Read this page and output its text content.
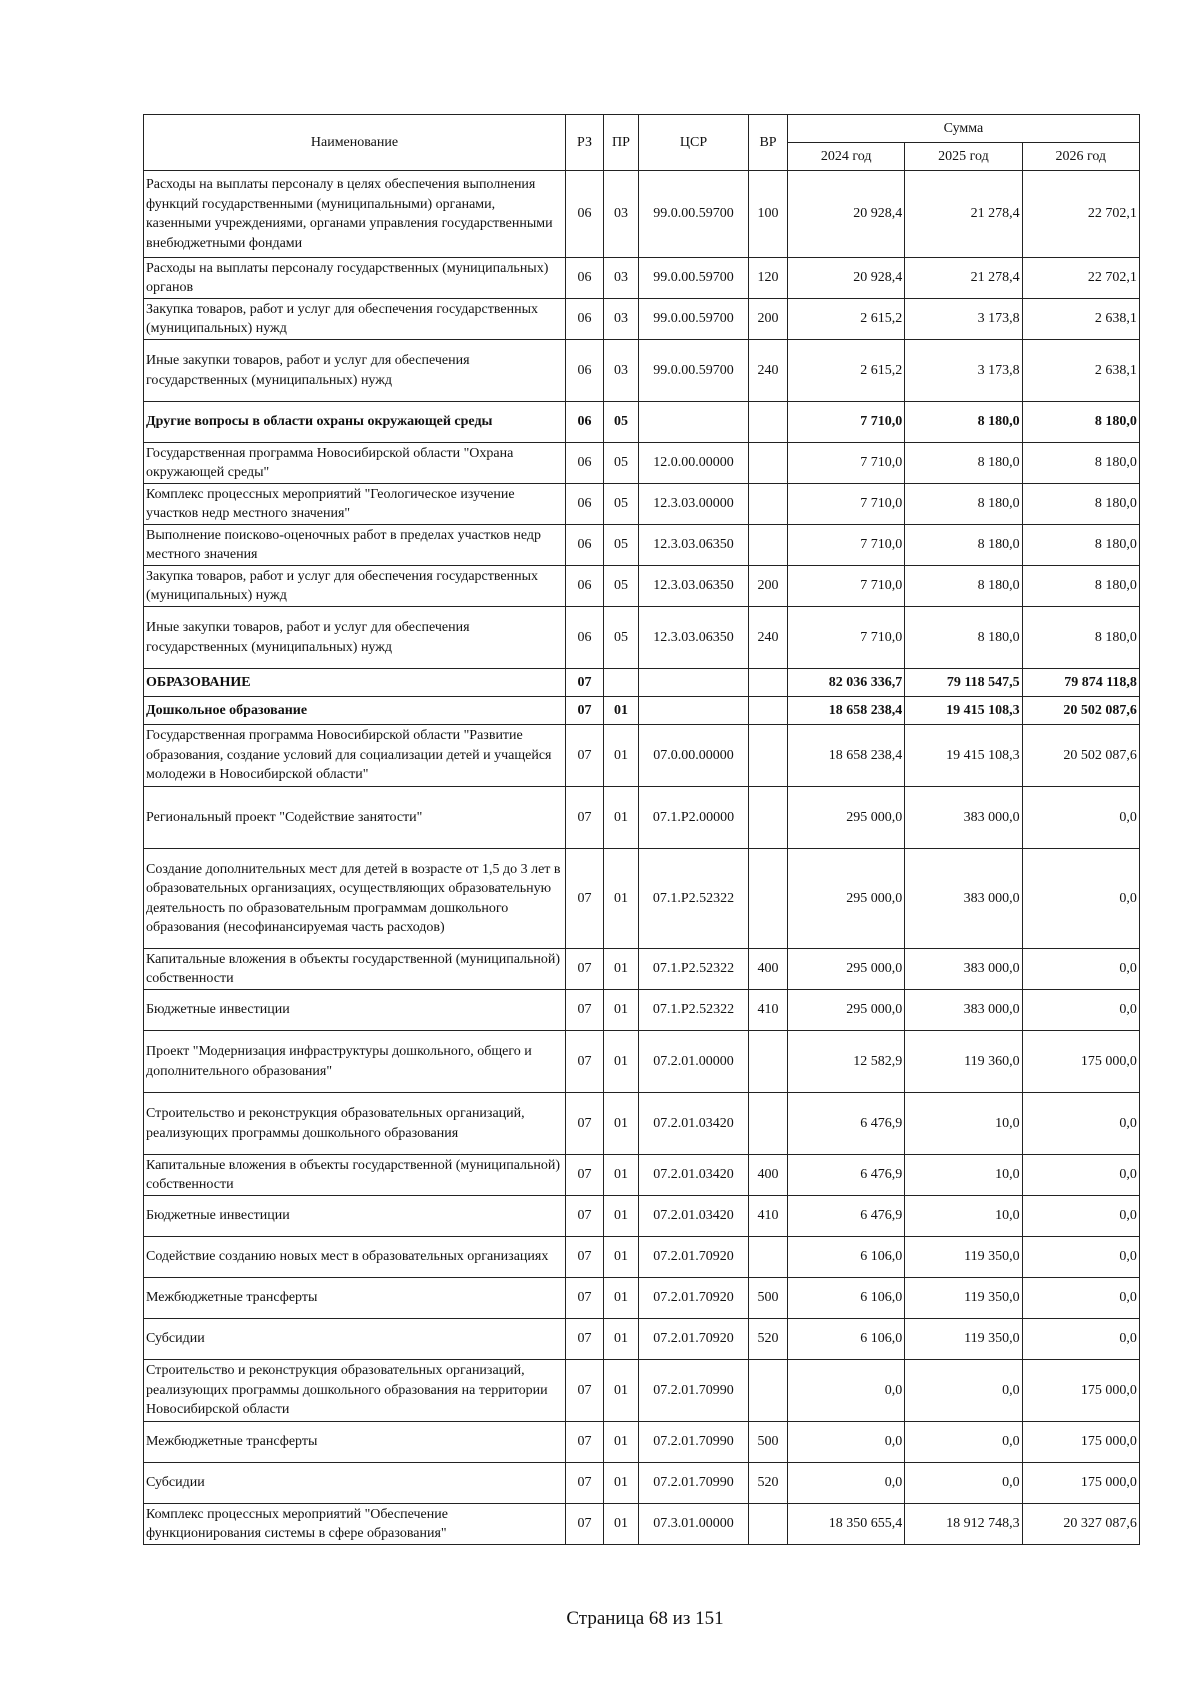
Наименование	РЗ	ПР	ЦСР	ВР	Сумма		
					2024 год	2025 год	2026 год
Расходы на выплаты персоналу в целях обеспечения выполнения функций государственными (муниципальными) органами, казенными учреждениями, органами управления государственными внебюджетными фондами	06	03	99.0.00.59700	100	20 928,4	21 278,4	22 702,1
Расходы на выплаты персоналу государственных (муниципальных) органов	06	03	99.0.00.59700	120	20 928,4	21 278,4	22 702,1
Закупка товаров, работ и услуг для обеспечения государственных (муниципальных) нужд	06	03	99.0.00.59700	200	2 615,2	3 173,8	2 638,1
Иные закупки товаров, работ и услуг для обеспечения государственных (муниципальных) нужд	06	03	99.0.00.59700	240	2 615,2	3 173,8	2 638,1
Другие вопросы в области охраны окружающей среды	06	05			7 710,0	8 180,0	8 180,0
Государственная программа Новосибирской области "Охрана окружающей среды"	06	05	12.0.00.00000		7 710,0	8 180,0	8 180,0
Комплекс процессных мероприятий "Геологическое изучение участков недр местного значения"	06	05	12.3.03.00000		7 710,0	8 180,0	8 180,0
Выполнение поисково-оценочных работ в пределах участков недр местного значения	06	05	12.3.03.06350		7 710,0	8 180,0	8 180,0
Закупка товаров, работ и услуг для обеспечения государственных (муниципальных) нужд	06	05	12.3.03.06350	200	7 710,0	8 180,0	8 180,0
Иные закупки товаров, работ и услуг для обеспечения государственных (муниципальных) нужд	06	05	12.3.03.06350	240	7 710,0	8 180,0	8 180,0
ОБРАЗОВАНИЕ	07				82 036 336,7	79 118 547,5	79 874 118,8
Дошкольное образование	07	01			18 658 238,4	19 415 108,3	20 502 087,6
Государственная программа Новосибирской области "Развитие образования, создание условий для социализации детей и учащейся молодежи в Новосибирской области"	07	01	07.0.00.00000		18 658 238,4	19 415 108,3	20 502 087,6
Региональный проект "Содействие занятости"	07	01	07.1.P2.00000		295 000,0	383 000,0	0,0
Создание дополнительных мест для детей в возрасте от 1,5 до 3 лет в образовательных организациях, осуществляющих образовательную деятельность по образовательным программам дошкольного образования (несофинансируемая часть расходов)	07	01	07.1.P2.52322		295 000,0	383 000,0	0,0
Капитальные вложения в объекты государственной (муниципальной) собственности	07	01	07.1.P2.52322	400	295 000,0	383 000,0	0,0
Бюджетные инвестиции	07	01	07.1.P2.52322	410	295 000,0	383 000,0	0,0
Проект "Модернизация инфраструктуры дошкольного, общего и дополнительного образования"	07	01	07.2.01.00000		12 582,9	119 360,0	175 000,0
Строительство и реконструкция образовательных организаций, реализующих программы дошкольного образования	07	01	07.2.01.03420		6 476,9	10,0	0,0
Капитальные вложения в объекты государственной (муниципальной) собственности	07	01	07.2.01.03420	400	6 476,9	10,0	0,0
Бюджетные инвестиции	07	01	07.2.01.03420	410	6 476,9	10,0	0,0
Содействие созданию новых мест в образовательных организациях	07	01	07.2.01.70920		6 106,0	119 350,0	0,0
Межбюджетные трансферты	07	01	07.2.01.70920	500	6 106,0	119 350,0	0,0
Субсидии	07	01	07.2.01.70920	520	6 106,0	119 350,0	0,0
Строительство и реконструкция образовательных организаций, реализующих программы дошкольного образования на территории Новосибирской области	07	01	07.2.01.70990		0,0	0,0	175 000,0
Межбюджетные трансферты	07	01	07.2.01.70990	500	0,0	0,0	175 000,0
Субсидии	07	01	07.2.01.70990	520	0,0	0,0	175 000,0
Комплекс процессных мероприятий "Обеспечение функционирования системы в сфере образования"	07	01	07.3.01.00000		18 350 655,4	18 912 748,3	20 327 087,6
Страница 68 из 151
